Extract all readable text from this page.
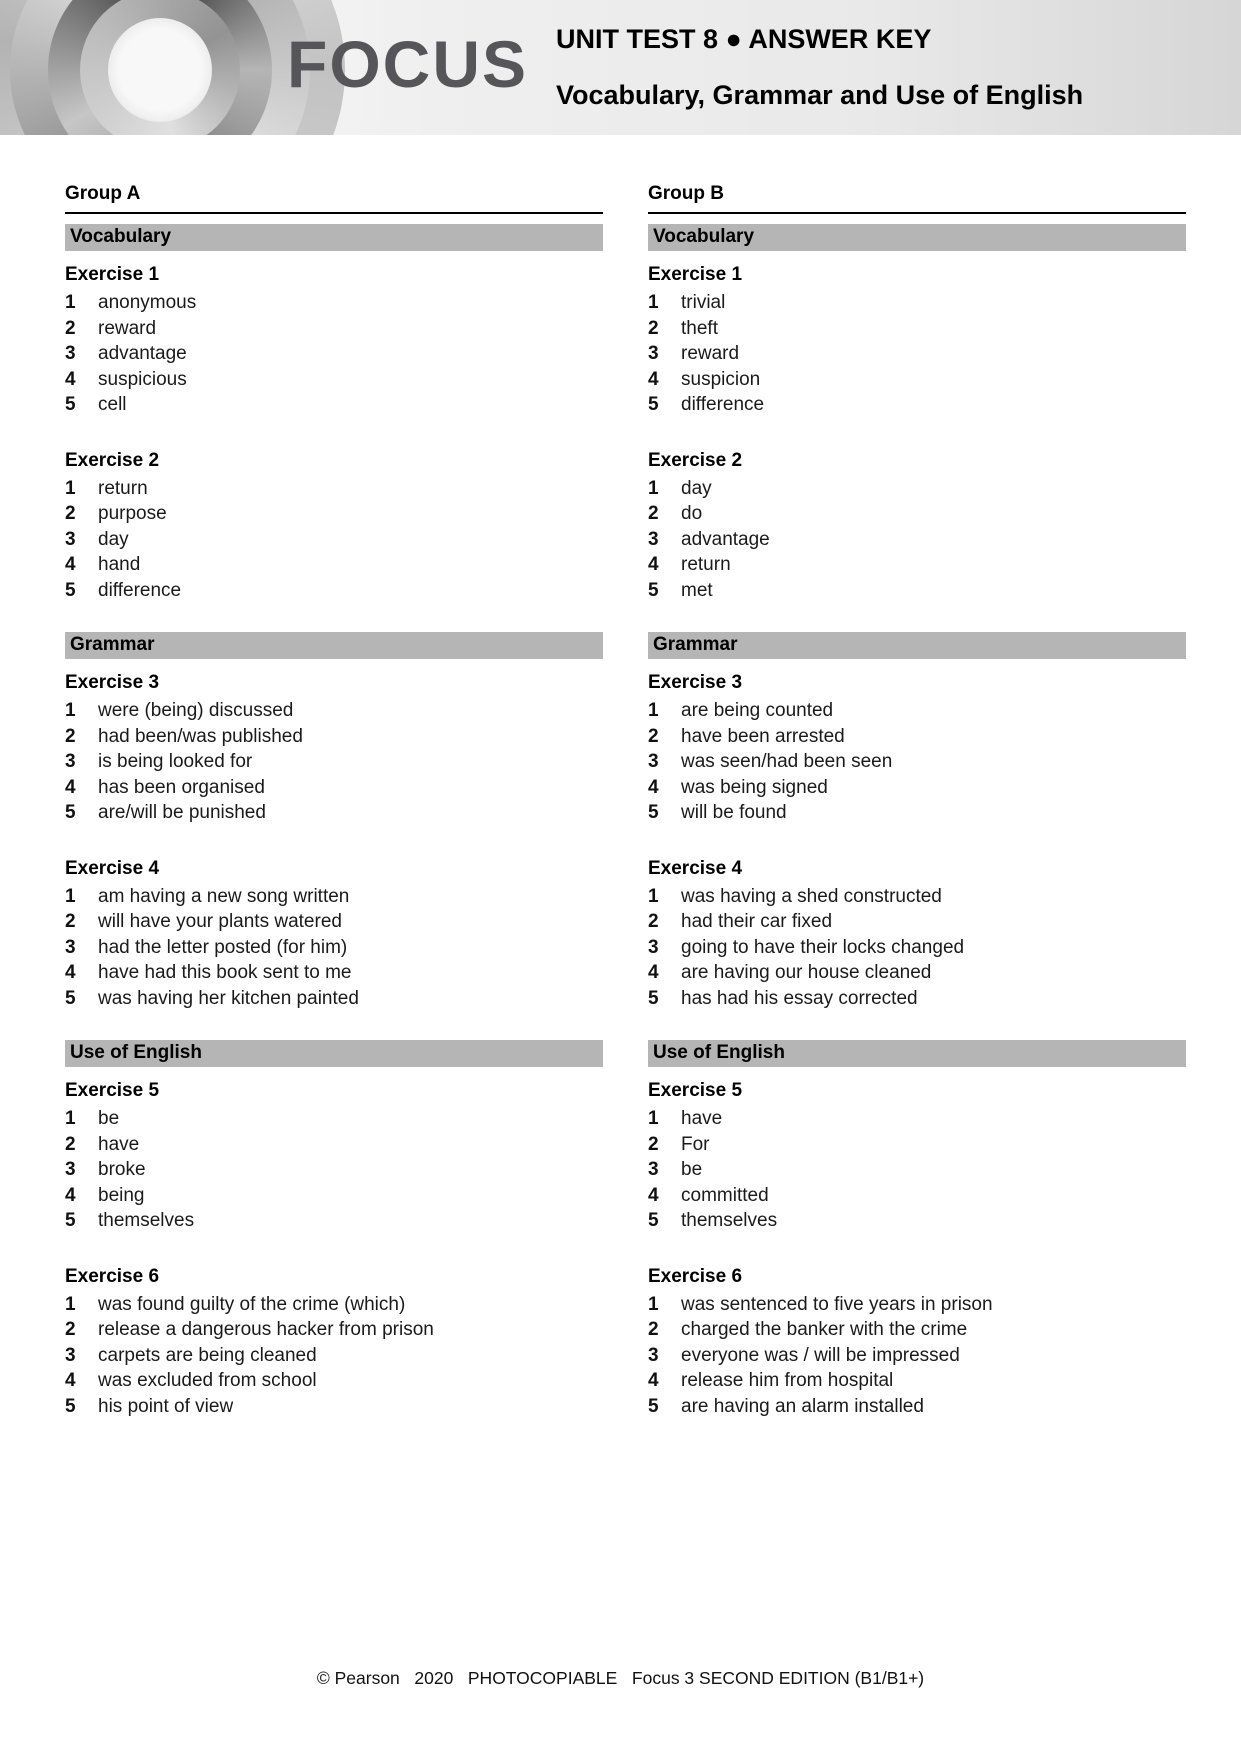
FOCUS UNIT TEST 8 ● ANSWER KEY
Vocabulary, Grammar and Use of English
Group A
Vocabulary
Exercise 1
1	anonymous
2	reward
3	advantage
4	suspicious
5	cell
Exercise 2
1	return
2	purpose
3	day
4	hand
5	difference
Grammar
Exercise 3
1	were (being) discussed
2	had been/was published
3	is being looked for
4	has been organised
5	are/will be punished
Exercise 4
1	am having a new song written
2	will have your plants watered
3	had the letter posted (for him)
4	have had this book sent to me
5	was having her kitchen painted
Use of English
Exercise 5
1	be
2	have
3	broke
4	being
5	themselves
Exercise 6
1	was found guilty of the crime (which)
2	release a dangerous hacker from prison
3	carpets are being cleaned
4	was excluded from school
5	his point of view
Group B
Vocabulary
Exercise 1
1	trivial
2	theft
3	reward
4	suspicion
5	difference
Exercise 2
1	day
2	do
3	advantage
4	return
5	met
Grammar
Exercise 3
1	are being counted
2	have been arrested
3	was seen/had been seen
4	was being signed
5	will be found
Exercise 4
1	was having a shed constructed
2	had their car fixed
3	going to have their locks changed
4	are having our house cleaned
5	has had his essay corrected
Use of English
Exercise 5
1	have
2	For
3	be
4	committed
5	themselves
Exercise 6
1	was sentenced to five years in prison
2	charged the banker with the crime
3	everyone was / will be impressed
4	release him from hospital
5	are having an alarm installed
© Pearson   2020   PHOTOCOPIABLE   Focus 3 SECOND EDITION (B1/B1+)
